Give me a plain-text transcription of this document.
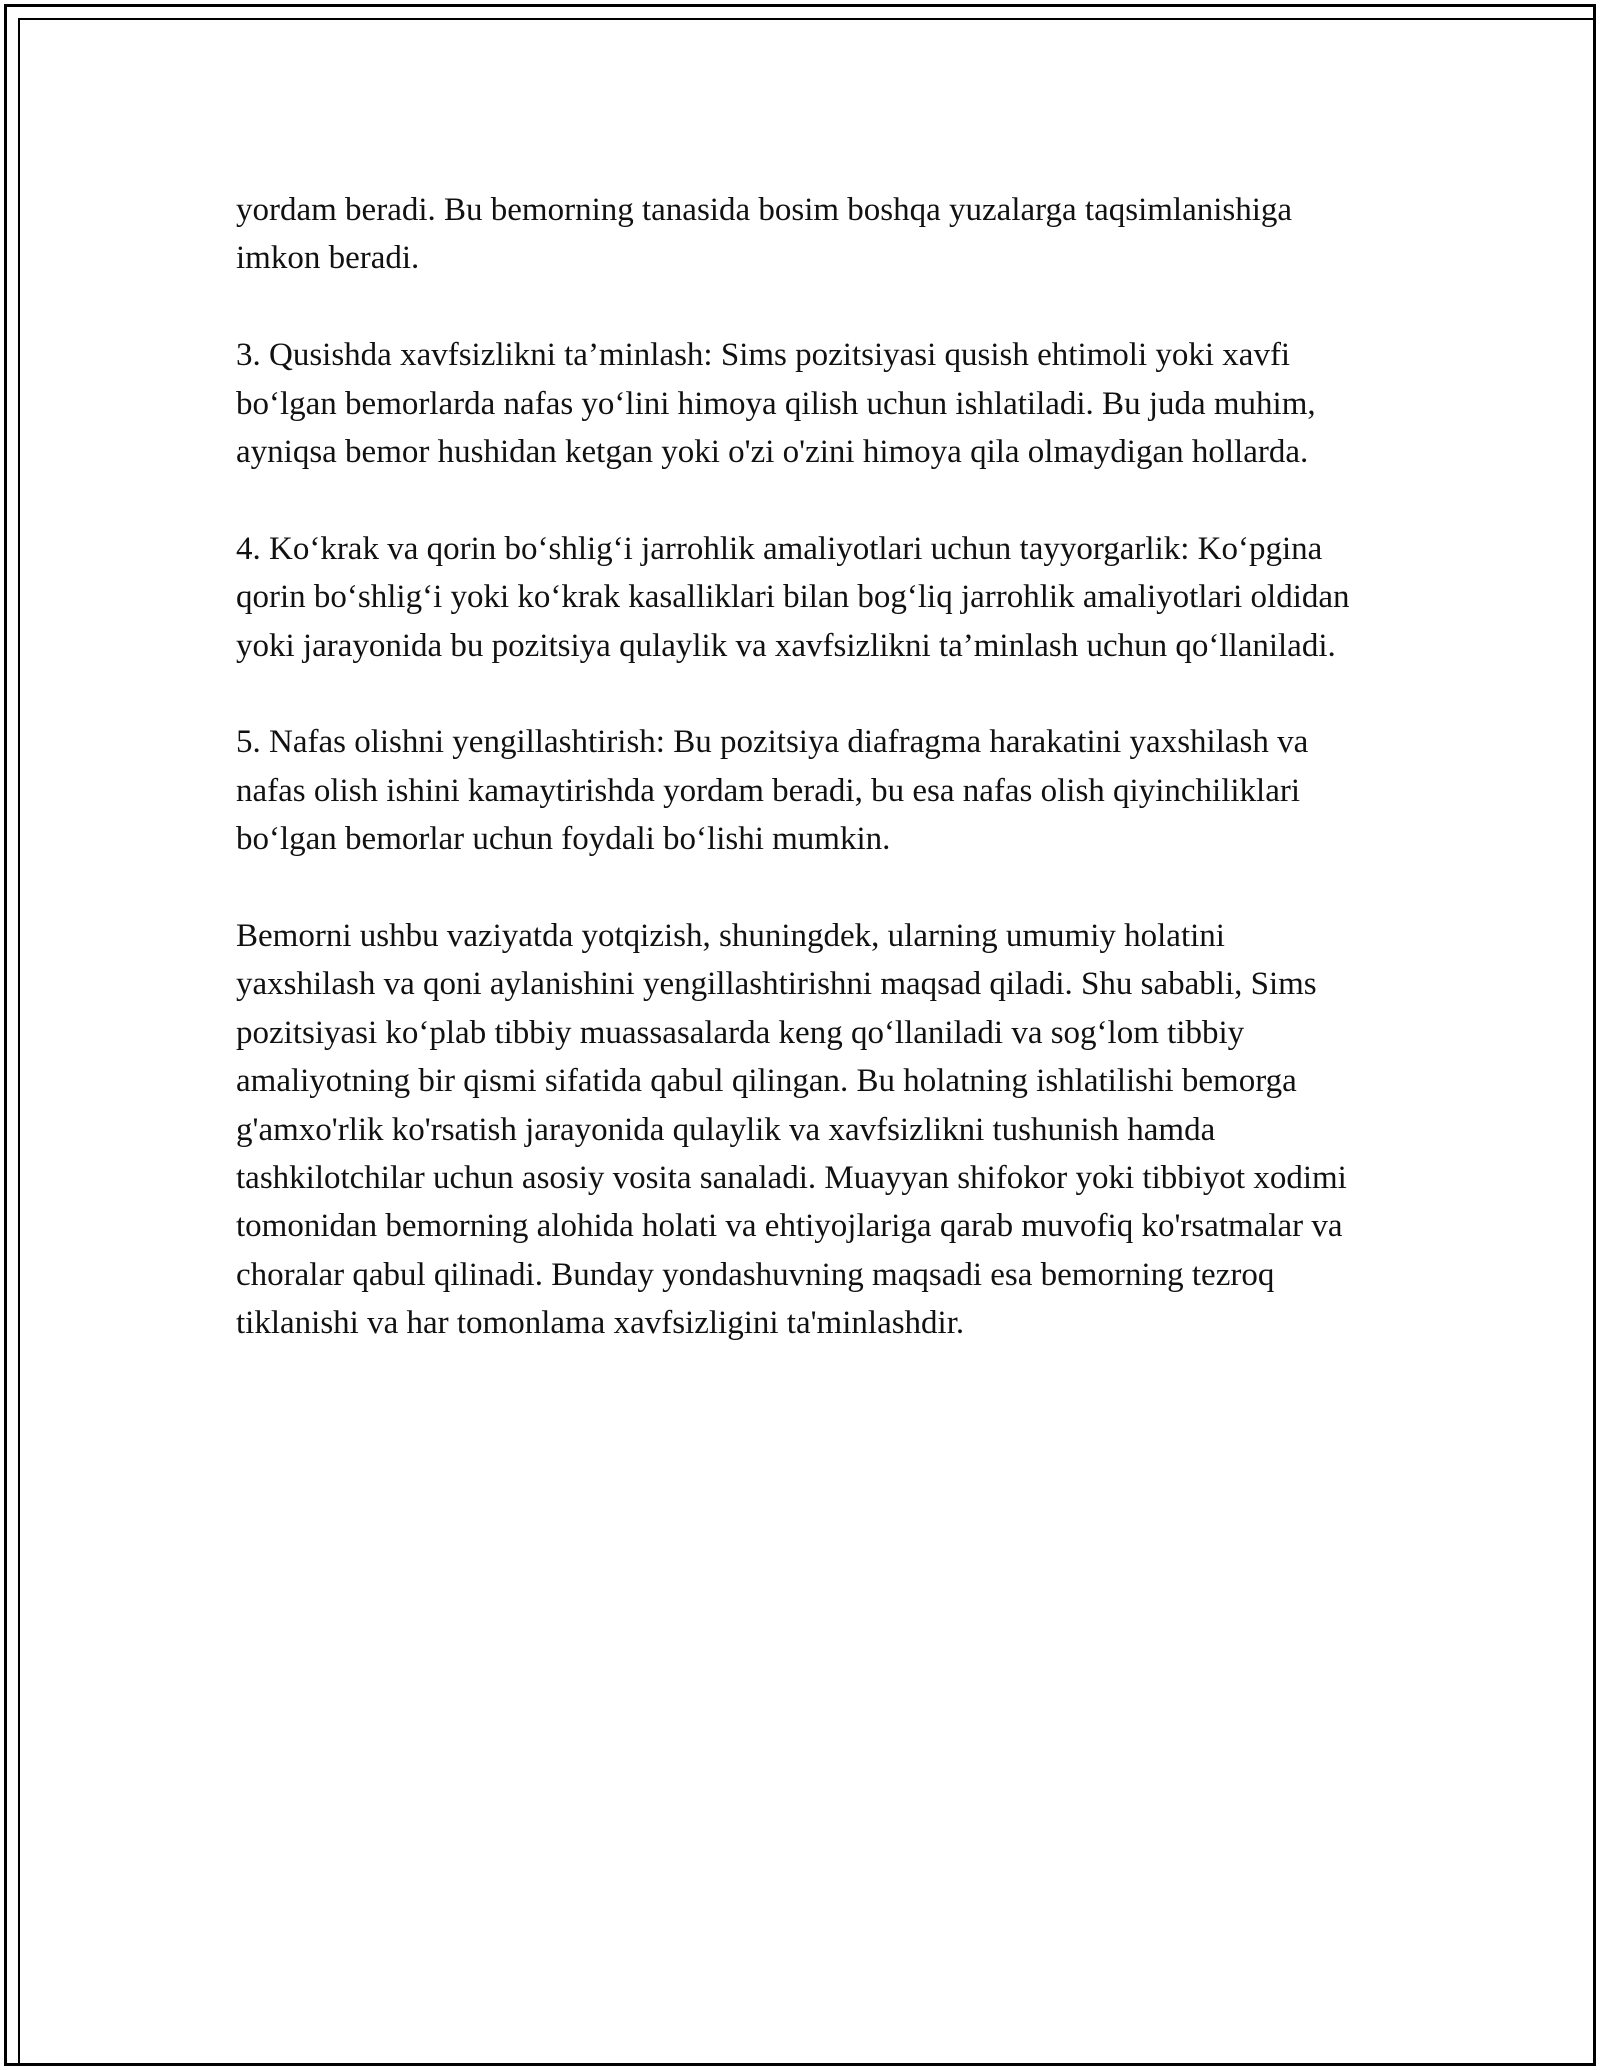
yordam beradi. Bu bemorning tanasida bosim boshqa yuzalarga taqsimlanishiga imkon beradi.

3. Qusishda xavfsizlikni ta’minlash: Sims pozitsiyasi qusish ehtimoli yoki xavfi bo‘lgan bemorlarda nafas yo‘lini himoya qilish uchun ishlatiladi. Bu juda muhim, ayniqsa bemor hushidan ketgan yoki o'zi o'zini himoya qila olmaydigan hollarda.

4. Ko‘krak va qorin bo‘shlig‘i jarrohlik amaliyotlari uchun tayyorgarlik: Ko‘pgina qorin bo‘shlig‘i yoki ko‘krak kasalliklari bilan bog‘liq jarrohlik amaliyotlari oldidan yoki jarayonida bu pozitsiya qulaylik va xavfsizlikni ta’minlash uchun qo‘llaniladi.

5. Nafas olishni yengillashtirish: Bu pozitsiya diafragma harakatini yaxshilash va nafas olish ishini kamaytirishda yordam beradi, bu esa nafas olish qiyinchiliklari bo‘lgan bemorlar uchun foydali bo‘lishi mumkin.

Bemorni ushbu vaziyatda yotqizish, shuningdek, ularning umumiy holatini yaxshilash va qoni aylanishini yengillashtirishni maqsad qiladi. Shu sababli, Sims pozitsiyasi ko‘plab tibbiy muassasalarda keng qo‘llaniladi va sog‘lom tibbiy amaliyotning bir qismi sifatida qabul qilingan. Bu holatning ishlatilishi bemorga g'amxo'rlik ko'rsatish jarayonida qulaylik va xavfsizlikni tushunish hamda tashkilotchilar uchun asosiy vosita sanaladi. Muayyan shifokor yoki tibbiyot xodimi tomonidan bemorning alohida holati va ehtiyojlariga qarab muvofiq ko'rsatmalar va choralar qabul qilinadi. Bunday yondashuvning maqsadi esa bemorning tezroq tiklanishi va har tomonlama xavfsizligini ta'minlashdir.
